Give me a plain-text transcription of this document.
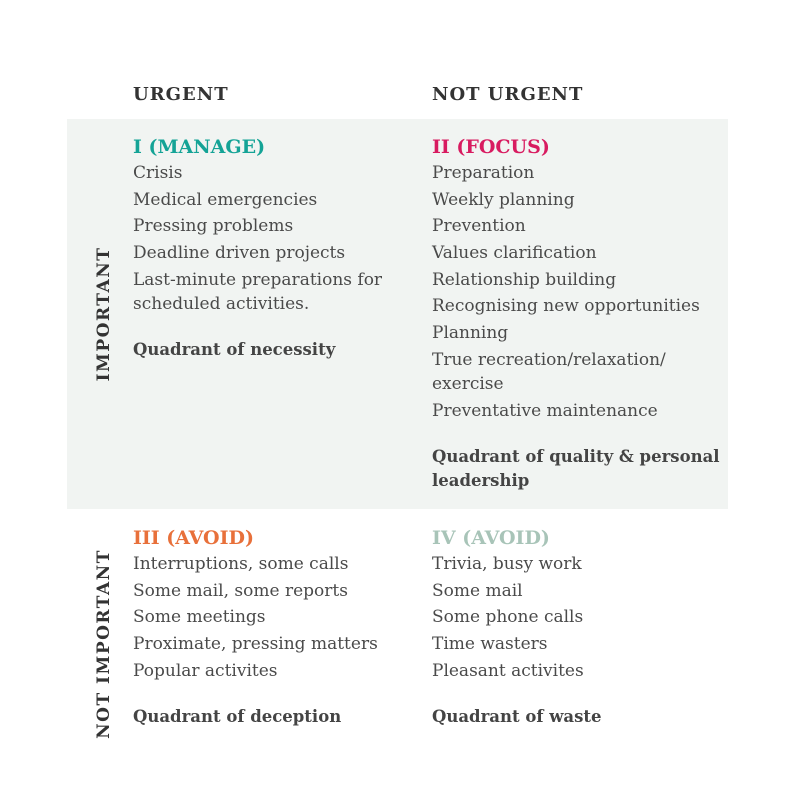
URGENT	NOT URGENT
IMPORTANT
NOT IMPORTANT
I (MANAGE)
Crisis
Medical emergencies
Pressing problems
Deadline driven projects
Last-minute preparations for scheduled activities.
Quadrant of necessity
II (FOCUS)
Preparation
Weekly planning
Prevention
Values clarification
Relationship building
Recognising new opportunities
Planning
True recreation/relaxation/ exercise
Preventative maintenance
Quadrant of quality & personal leadership
III (AVOID)
Interruptions, some calls
Some mail, some reports
Some meetings
Proximate, pressing matters
Popular activites
Quadrant of deception
IV (AVOID)
Trivia, busy work
Some mail
Some phone calls
Time wasters
Pleasant activites
Quadrant of waste
